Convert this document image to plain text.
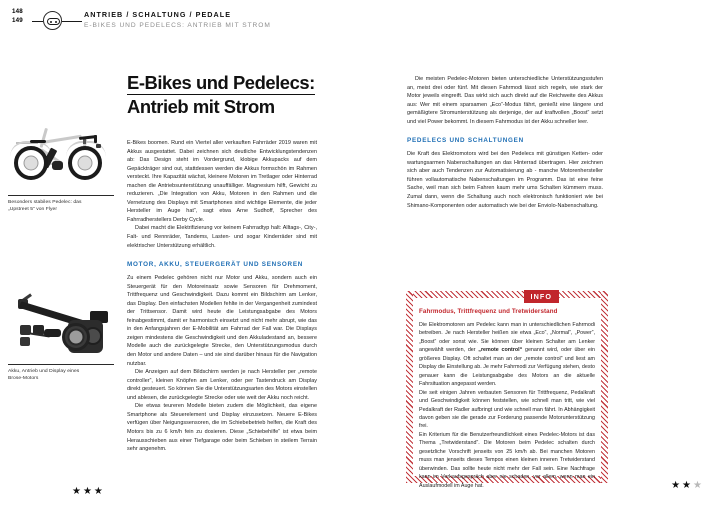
148
149
ANTRIEB / SCHALTUNG / PEDALE
E-BIKES UND PEDELECS: ANTRIEB MIT STROM
E-Bikes und Pedelecs:
Antrieb mit Strom
Besonders stabiles Pedelec: das
„Upstreet 5“ von Flyer
Akku, Antrieb und Display eines
Brose-Motors

E-Bikes boomen. Rund ein Viertel aller verkauften Fahrräder 2019 waren mit Akkus ausgestattet. Dabei zeichnen sich deutliche Entwicklungstendenzen ab: Das Design steht im Vordergrund, klobige Akkupacks auf dem Gepäckträger sind out, stattdessen werden die Akkus formschön im Rahmen versteckt. Ihre Kapazität wächst, kleinere Motoren im Tretlager oder Hinterrad machen die Antriebsunterstützung unauffälliger. Magnesium hilft, Gewicht zu reduzieren. „Die Integration von Akku, Motoren in den Rahmen und die Vernetzung des Displays mit Smartphones sind wichtige Elemente, die jeder Hersteller im Auge hat“, sagt etwa Arne Sudhoff, Sprecher des Fahrradherstellers Derby Cycle.

Dabei macht die Elektrifizierung vor keinem Fahrradtyp halt: Alltags-, City-, Falt- und Rennräder, Tandems, Lasten- und sogar Kinderräder sind mit elektrischer Unterstützung erhältlich.

MOTOR, AKKU, STEUERGERÄT UND SENSOREN

Zu einem Pedelec gehören nicht nur Motor und Akku, sondern auch ein Steuergerät für den Motoreinsatz sowie Sensoren für Drehmoment, Trittfrequenz und Geschwindigkeit. Dazu kommt ein Bildschirm am Lenker, das Display. Den einfachsten Modellen fehlte in der Vergangenheit zumindest der Trittsensor. Damit wird heute die Leistungsabgabe des Motors feinabgestimmt, damit er harmonisch einsetzt und nicht mehr abrupt, wie das in den Anfangsjahren der E-Mobilität am Fahrrad der Fall war. Die Displays zeigen mindestens die Geschwindigkeit und den Akkuladestand an, bessere Modelle auch die zurückgelegte Strecke, den Unterstützungsmodus durch den Motor und andere Daten – und sie sind darüber hinaus für die Navigation nutzbar.

Die Anzeigen auf dem Bildschirm werden je nach Hersteller per „remote controller“, kleinen Knöpfen am Lenker, oder per Tastendruck am Display direkt gesteuert. So können Sie die Unterstützungsarten des Motors einstellen und ablesen, die zurückgelegte Strecke oder wie weit der Akku noch reicht.

Die etwas teureren Modelle bieten zudem die Möglichkeit, das eigene Smartphone als Steuerelement und Display einzusetzen. Neuere E-Bikes verfügen über Neigungssensoren, die im Schiebebetrieb helfen, die Kraft des Motors bis zu 6 km/h fein zu dosieren. Diese „Schiebehilfe“ ist etwa beim Herausschieben aus einer Tiefgarage oder beim Schieben in steilem Terrain sehr angenehm.

Die meisten Pedelec-Motoren bieten unterschiedliche Unterstützungsstufen an, meist drei oder fünf. Mit diesen Fahrmodi lässt sich regeln, wie stark der Motor jeweils eingreift. Das wirkt sich auch direkt auf die Reichweite des Akkus aus: Wer mit einem sparsamen „Eco“-Modus fährt, genießt eine längere und gemäßigtere Stromunterstützung als derjenige, der auf kraftvollen „Boost“ setzt und viel Power bekommt. In diesem Fahrmodus ist der Akku schneller leer.

PEDELECS UND SCHALTUNGEN

Die Kraft des Elektromotors wird bei den Pedelecs mit günstigen Ketten- oder wartungsarmen Nabenschaltungen an das Hinterrad übertragen. Hier zeichnen sich aber auch Tendenzen zur Automatisierung ab - manche Motorenhersteller führen vollautomatische Nabenschaltungen im Programm. Das ist eine feine Sache, weil man sich beim Fahren kaum mehr ums Schalten kümmern muss. Zumal dann, wenn die Schaltung auch noch elektronisch funktioniert wie bei Shimano-Komponenten oder automatisch wie bei der Enviolo-Nabenschaltung.

INFO
Fahrmodus, Trittfrequenz und Tretwiderstand

Die Elektromotoren am Pedelec kann man in unterschiedlichen Fahrmodi betreiben. Je nach Hersteller heißen sie etwa „Eco“, „Normal“, „Power“, „Boost“ oder sonst wie. Sie können über kleinen Schalter am Lenker angewählt werden, der „remote control“ genannt wird, oder über ein größeres Display. Oft schaltet man an der „remote control“ und liest am Display die Einstellung ab. Je mehr Fahrmodi zur Verfügung stehen, desto genauer kann die Leistungsabgabe des Motors an die aktuelle Fahrsituation angepasst werden.

Die seit einigen Jahren verbauten Sensoren für Trittfrequenz, Pedalkraft und Geschwindigkeit können feststellen, wie schnell man tritt, wie viel Pedalkraft der Radler aufbringt und wie schnell man fährt. In Abhängigkeit davon geben sie die gerade zur Forderung passende Motorunterstützung frei.

Ein Kriterium für die Benutzerfreundlichkeit eines Pedelec-Motors ist das Thema „Tretwiderstand“. Die Motoren beim Pedelec schalten durch gesetzliche Vorschrift jenseits von 25 km/h ab. Bei manchen Motoren muss man jenseits dieses Tempos einen kleinen inneren Tretwiderstand überwinden. Das sollte heute nicht mehr der Fall sein. Eine Nachfrage kann im Verkaufsgespräch aber nie schaden, vor allem, wenn man ein Auslaufmodell im Auge hat.

★★★
★★★
